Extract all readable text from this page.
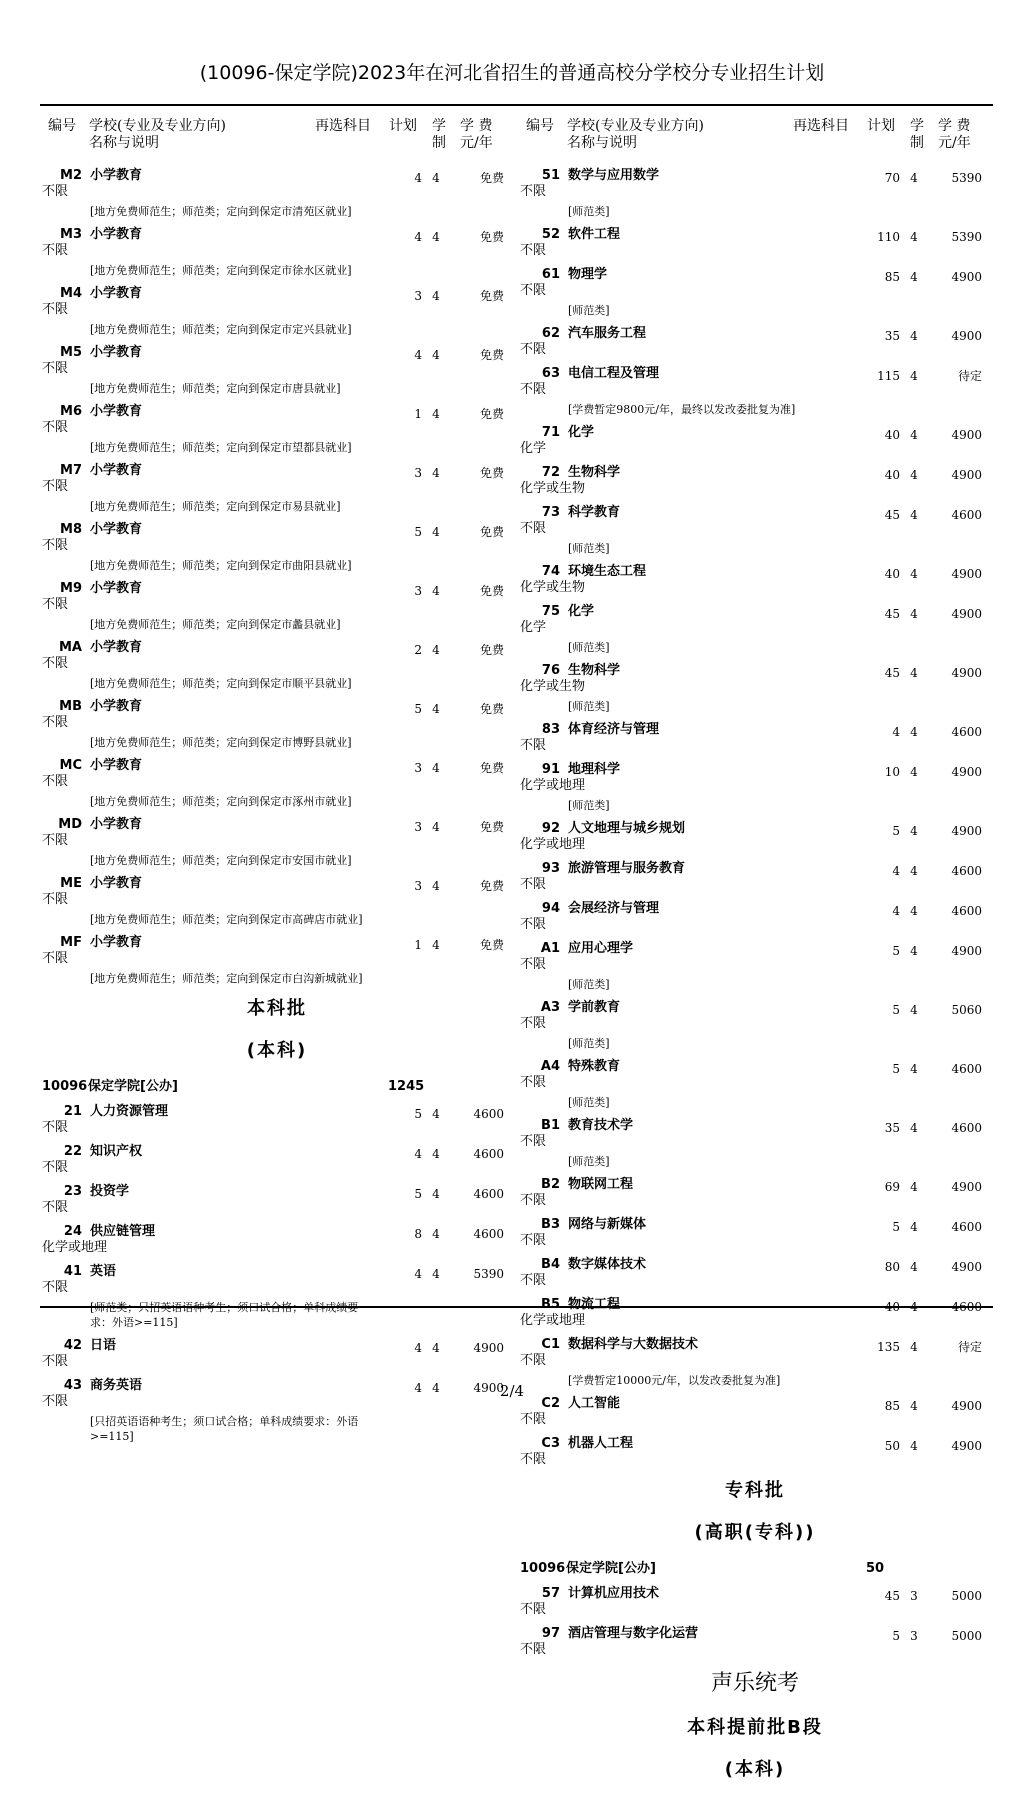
(10096-保定学院)2023年在河北省招生的普通高校分学校分专业招生计划
编号 学校(专业及专业方向)
名称与说明
再选科目 计划 学
制
学 费
元/年
M2 小学教育
不限
4 4	免费
[地方免费师范生；师范类；定向到保定市清苑区就业]
M3 小学教育
不限
4 4	免费
[地方免费师范生；师范类；定向到保定市徐水区就业]
M4 小学教育
不限
3 4	免费
[地方免费师范生；师范类；定向到保定市定兴县就业]
M5 小学教育
不限
4 4	免费
[地方免费师范生；师范类；定向到保定市唐县就业]
M6 小学教育
不限
1 4	免费
[地方免费师范生；师范类；定向到保定市望都县就业]
M7 小学教育
不限
3 4	免费
[地方免费师范生；师范类；定向到保定市易县就业]
M8 小学教育
不限
5 4	免费
[地方免费师范生；师范类；定向到保定市曲阳县就业]
M9 小学教育
不限
3 4	免费
[地方免费师范生；师范类；定向到保定市蠡县就业]
MA 小学教育
不限
2 4	免费
[地方免费师范生；师范类；定向到保定市顺平县就业]
MB 小学教育
不限
5 4	免费
[地方免费师范生；师范类；定向到保定市博野县就业]
MC 小学教育
不限
3 4	免费
[地方免费师范生；师范类；定向到保定市涿州市就业]
MD 小学教育
不限
3 4	免费
[地方免费师范生；师范类；定向到保定市安国市就业]
ME 小学教育
不限
3 4	免费
[地方免费师范生；师范类；定向到保定市高碑店市就业]
MF 小学教育
不限
1 4	免费
[地方免费师范生；师范类；定向到保定市白沟新城就业]
本科批
(本科)
10096 保定学院[公办]	1245
21 人力资源管理
不限
5 4	4600
22 知识产权
不限
4 4	4600
23 投资学
不限
5 4	4600
24 供应链管理
化学或地理
8 4	4600
41 英语
不限
4 4	5390
[师范类；只招英语语种考生；须口试合格；单科成绩要求：外语>=115]
42 日语
不限
4 4	4900
43 商务英语
不限
4 4	4900
[只招英语语种考生；须口试合格；单科成绩要求：外语>=115]
编号 学校(专业及专业方向)
名称与说明
再选科目 计划 学
制
学 费
元/年
51 数学与应用数学
不限
70 4	5390
[师范类]
52 软件工程
不限
110 4	5390
61 物理学
不限
85 4	4900
[师范类]
62 汽车服务工程
不限
35 4	4900
63 电信工程及管理
不限
115 4	待定
[学费暂定9800元/年，最终以发改委批复为准]
71 化学
化学
40 4	4900
72 生物科学
化学或生物
40 4	4900
73 科学教育
不限
45 4	4600
[师范类]
74 环境生态工程
化学或生物
40 4	4900
75 化学
化学
45 4	4900
[师范类]
76 生物科学
化学或生物
45 4	4900
[师范类]
83 体育经济与管理
不限
4 4	4600
91 地理科学
化学或地理
10 4	4900
[师范类]
92 人文地理与城乡规划
化学或地理
5 4	4900
93 旅游管理与服务教育
不限
4 4	4600
94 会展经济与管理
不限
4 4	4600
A1 应用心理学
不限
5 4	4900
[师范类]
A3 学前教育
不限
5 4	5060
[师范类]
A4 特殊教育
不限
5 4	4600
[师范类]
B1 教育技术学
不限
35 4	4600
[师范类]
B2 物联网工程
不限
69 4	4900
B3 网络与新媒体
不限
5 4	4600
B4 数字媒体技术
不限
80 4	4900
B5 物流工程
化学或地理
40 4	4600
C1 数据科学与大数据技术
不限
135 4	待定
[学费暂定10000元/年，以发改委批复为准]
C2 人工智能
不限
85 4	4900
C3 机器人工程
不限
50 4	4900
专科批
(高职(专科))
10096 保定学院[公办]	50
57 计算机应用技术
不限
45 3	5000
97 酒店管理与数字化运营
不限
5 3	5000
声乐统考
本科提前批B段
(本科)
2/4
